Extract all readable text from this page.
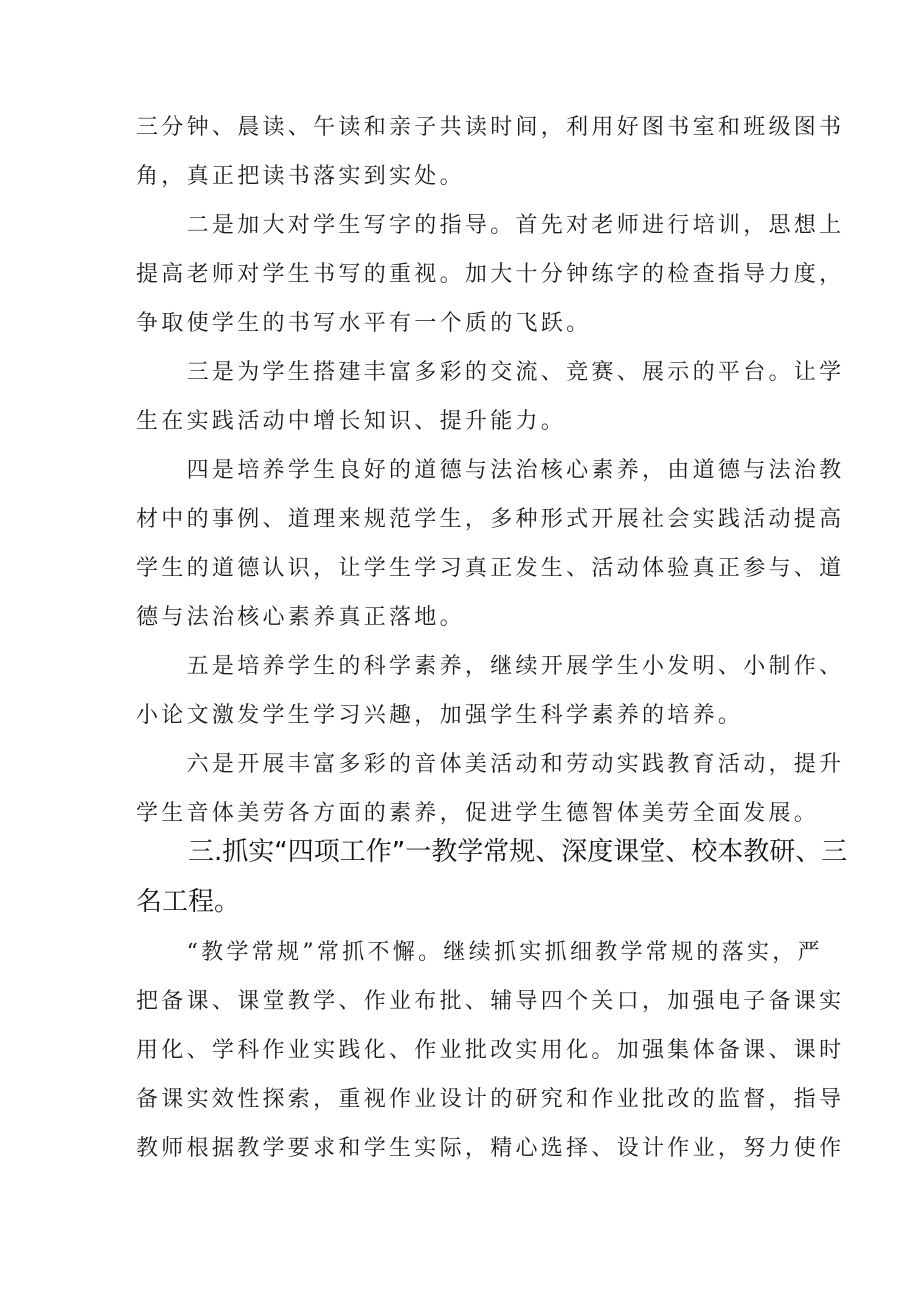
三分钟、晨读、午读和亲子共读时间，利用好图书室和班级图书
角，真正把读书落实到实处。

　　二是加大对学生写字的指导。首先对老师进行培训，思想上
提高老师对学生书写的重视。加大十分钟练字的检查指导力度，
争取使学生的书写水平有一个质的飞跃。

　　三是为学生搭建丰富多彩的交流、竞赛、展示的平台。让学
生在实践活动中增长知识、提升能力。

　　四是培养学生良好的道德与法治核心素养，由道德与法治教
材中的事例、道理来规范学生，多种形式开展社会实践活动提高
学生的道德认识，让学生学习真正发生、活动体验真正参与、道
德与法治核心素养真正落地。

　　五是培养学生的科学素养，继续开展学生小发明、小制作、
小论文激发学生学习兴趣，加强学生科学素养的培养。

　　六是开展丰富多彩的音体美活动和劳动实践教育活动，提升
学生音体美劳各方面的素养，促进学生德智体美劳全面发展。

　　三.抓实“四项工作”一教学常规、深度课堂、校本教研、三
名工程。

　　“教学常规”常抓不懈。继续抓实抓细教学常规的落实，严
把备课、课堂教学、作业布批、辅导四个关口，加强电子备课实
用化、学科作业实践化、作业批改实用化。加强集体备课、课时
备课实效性探索，重视作业设计的研究和作业批改的监督，指导
教师根据教学要求和学生实际，精心选择、设计作业，努力使作
